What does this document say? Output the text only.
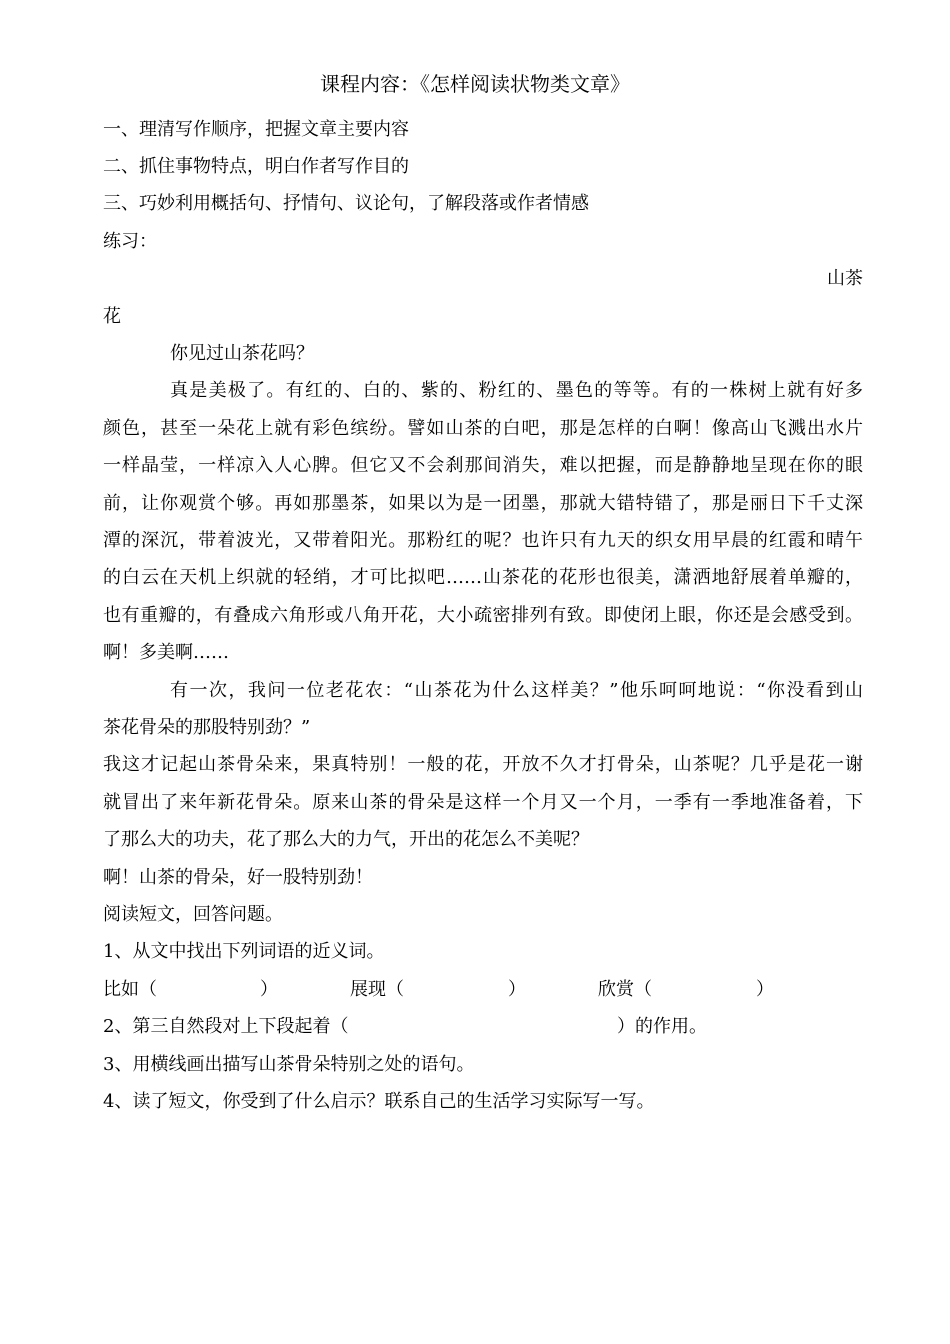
课程内容：《怎样阅读状物类文章》
一、理清写作顺序，把握文章主要内容
二、抓住事物特点，明白作者写作目的
三、巧妙利用概括句、抒情句、议论句，了解段落或作者情感
练习：
山茶
花
你见过山茶花吗？
真是美极了。有红的、白的、紫的、粉红的、墨色的等等。有的一株树上就有好多
颜色，甚至一朵花上就有彩色缤纷。譬如山茶的白吧，那是怎样的白啊！像高山飞溅出水片
一样晶莹，一样凉入人心脾。但它又不会刹那间消失，难以把握，而是静静地呈现在你的眼
前，让你观赏个够。再如那墨茶，如果以为是一团墨，那就大错特错了，那是丽日下千丈深
潭的深沉，带着波光，又带着阳光。那粉红的呢？也许只有九天的织女用早晨的红霞和晴午
的白云在天机上织就的轻绡，才可比拟吧……山茶花的花形也很美，潇洒地舒展着单瓣的，
也有重瓣的，有叠成六角形或八角开花，大小疏密排列有致。即使闭上眼，你还是会感受到。
啊！多美啊……
有一次，我问一位老花农：“山茶花为什么这样美？”他乐呵呵地说：“你没看到山
茶花骨朵的那股特别劲？”
我这才记起山茶骨朵来，果真特别！一般的花，开放不久才打骨朵，山茶呢？几乎是花一谢
就冒出了来年新花骨朵。原来山茶的骨朵是这样一个月又一个月，一季有一季地准备着，下
了那么大的功夫，花了那么大的力气，开出的花怎么不美呢？
啊！山茶的骨朵，好一股特别劲！
阅读短文，回答问题。
1、从文中找出下列词语的近义词。
比如（	）	展现（	）	欣赏（	）
2、第三自然段对上下段起着（	）的作用。
3、用横线画出描写山茶骨朵特别之处的语句。
4、读了短文，你受到了什么启示？联系自己的生活学习实际写一写。
